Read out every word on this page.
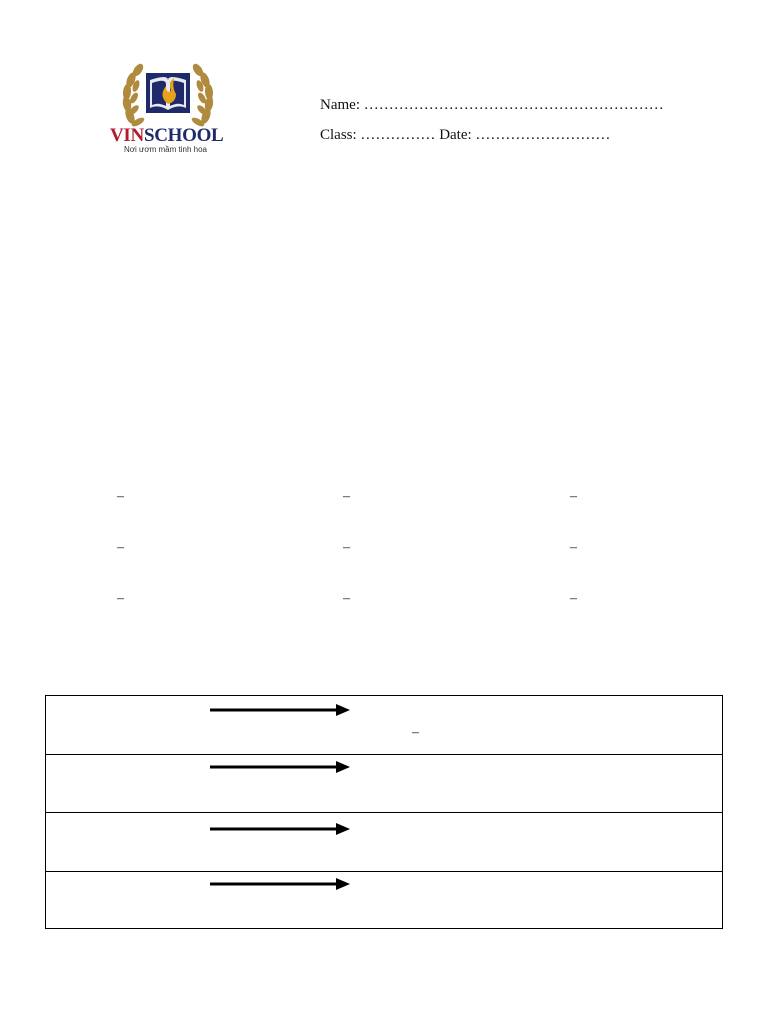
VINSCHOOL
Nơi ươm mầm tinh hoa
Name: ……………………………………………………
Class: …………… Date: ………………………
–	–	–
–	–	–
–	–	–
–
